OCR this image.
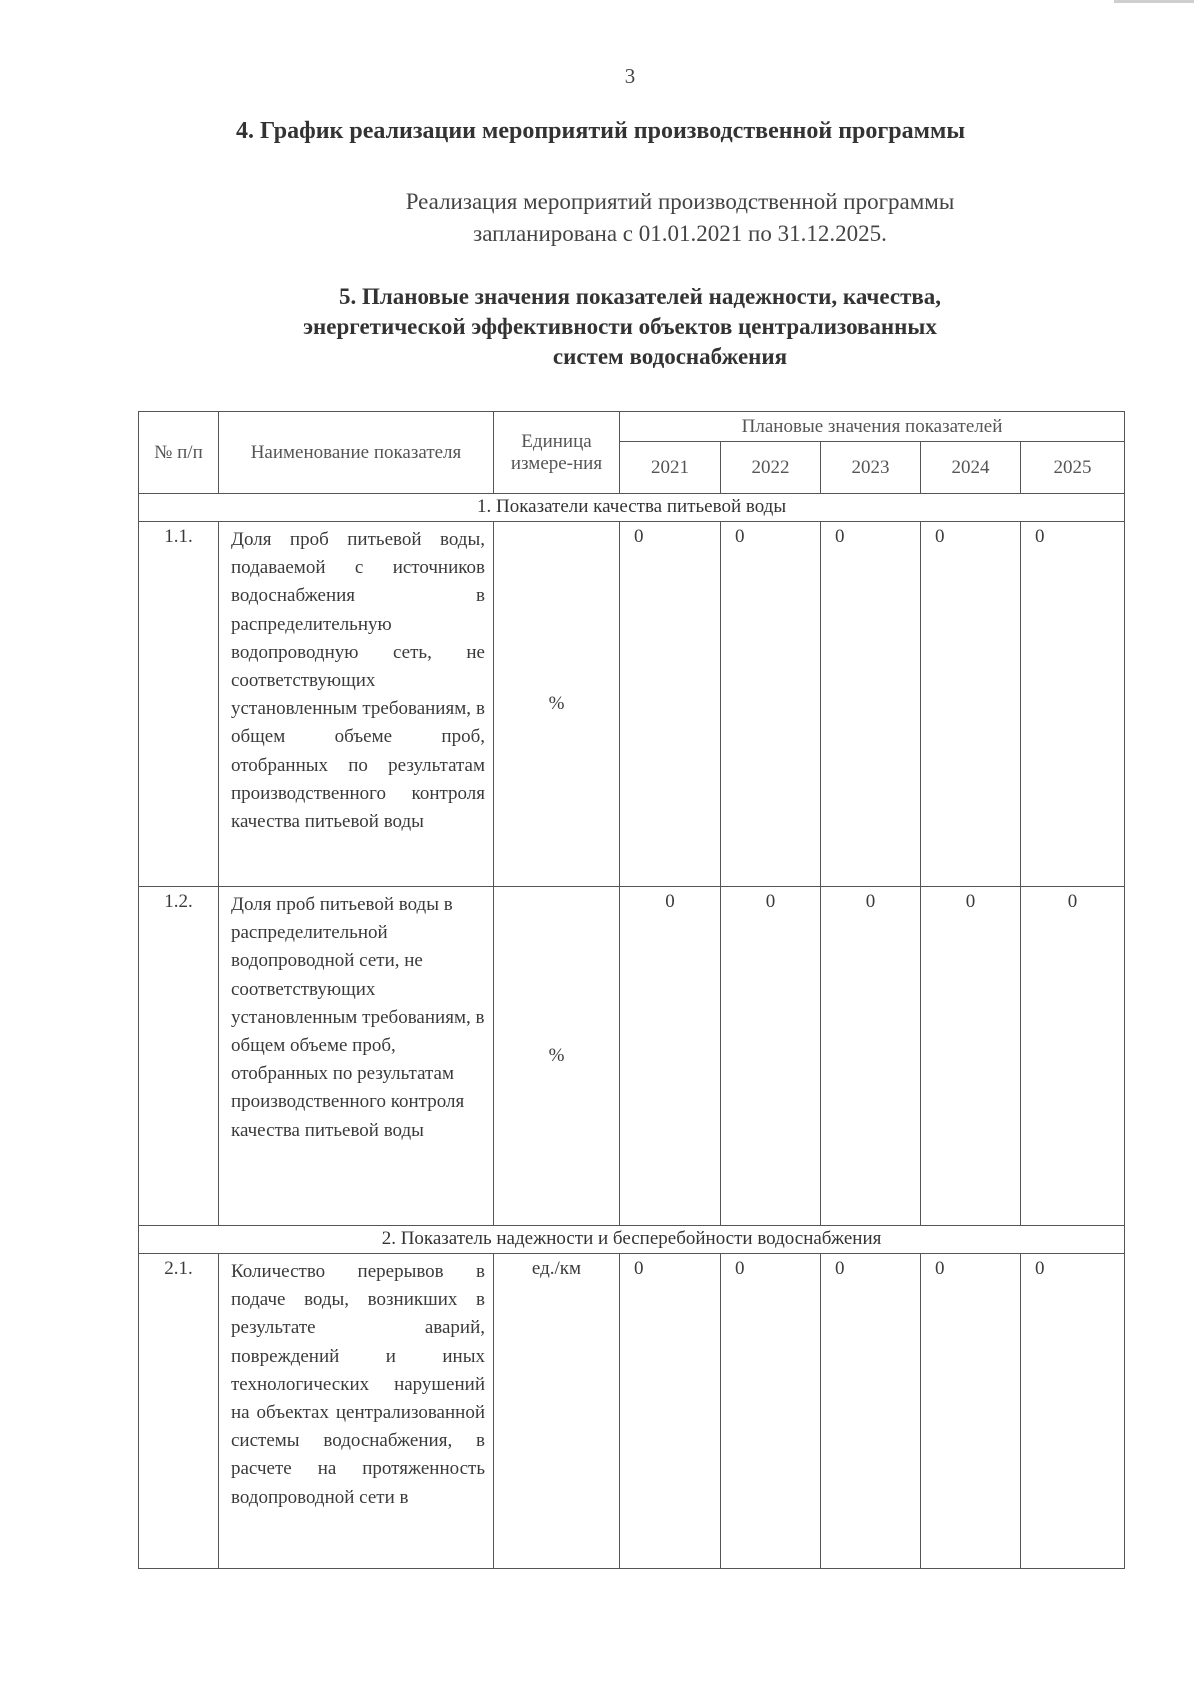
3
4. График реализации мероприятий производственной программы
Реализация мероприятий производственной программы
запланирована с 01.01.2021 по 31.12.2025.
5. Плановые значения показателей надежности, качества,
энергетической эффективности объектов централизованных
систем водоснабжения
№ п/п	Наименование показателя	Единица измере-ния	Плановые значения показателей				
			2021	2022	2023	2024	2025
1. Показатели качества питьевой воды							
1.1.	Доля проб питьевой воды, подаваемой с источников водоснабжения в распределительную водопроводную сеть, не соответствующих установленным требованиям, в общем объеме проб, отобранных по результатам производственного контроля качества питьевой воды	%	0	0	0	0	0
1.2.	Доля проб питьевой воды в распределительной водопроводной сети, не соответствующих установленным требованиям, в общем объеме проб, отобранных по результатам производственного контроля качества питьевой воды	%	0	0	0	0	0
2. Показатель надежности и бесперебойности водоснабжения							
2.1.	Количество перерывов в подаче воды, возникших в результате аварий, повреждений и иных технологических нарушений на объектах централизованной системы водоснабжения, в расчете на протяженность водопроводной сети в	ед./км	0	0	0	0	0
